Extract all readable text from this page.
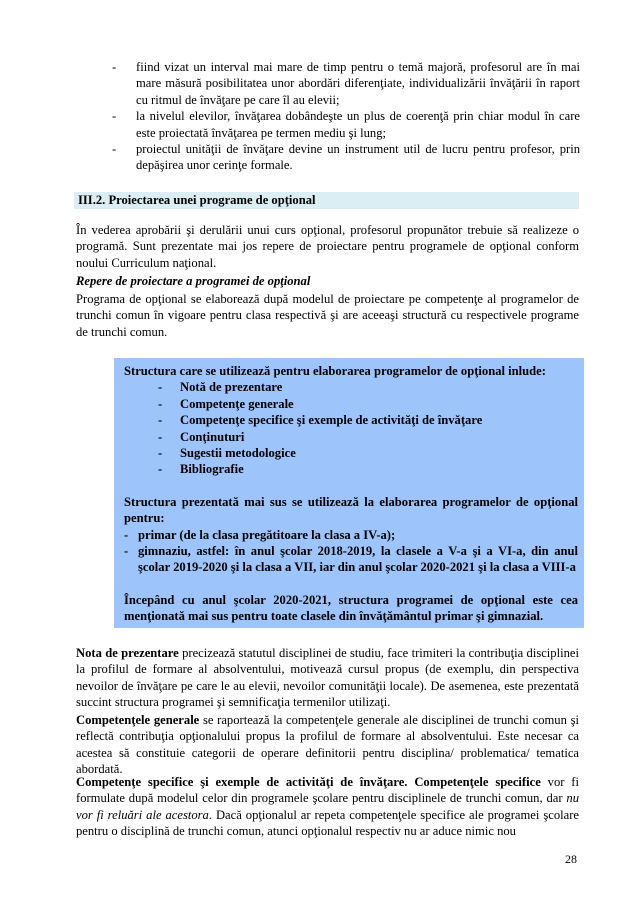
- fiind vizat un interval mai mare de timp pentru o temă majoră, profesorul are în mai mare măsură posibilitatea unor abordări diferenţiate, individualizării învăţării în raport cu ritmul de învăţare pe care îl au elevii;
- la nivelul elevilor, învăţarea dobândeşte un plus de coerenţă prin chiar modul în care este proiectată învăţarea pe termen mediu şi lung;
- proiectul unităţii de învăţare devine un instrument util de lucru pentru profesor, prin depăşirea unor cerinţe formale.
III.2. Proiectarea unei programe de opţional
În vederea aprobării şi derulării unui curs opţional, profesorul propunător trebuie să realizeze o programă. Sunt prezentate mai jos repere de proiectare pentru programele de opţional conform noului Curriculum naţional.
Repere de proiectare a programei de opţional
Programa de opţional se elaborează după modelul de proiectare pe competenţe al programelor de trunchi comun în vigoare pentru clasa respectivă şi are aceeaşi structură cu respectivele programe de trunchi comun.

Structura care se utilizează pentru elaborarea programelor de opţional inlude:

- Notă de prezentare
- Competenţe generale
- Competenţe specifice şi exemple de activităţi de învăţare
- Conţinuturi
- Sugestii metodologice
- Bibliografie

Structura prezentată mai sus se utilizează la elaborarea programelor de opţional pentru:

- primar (de la clasa pregătitoare la clasa a IV-a);
- gimnaziu, astfel: în anul şcolar 2018-2019, la clasele a V-a şi a VI-a, din anul şcolar 2019-2020 şi la clasa a VII, iar din anul şcolar 2020-2021 şi la clasa a VIII-a

Începând cu anul şcolar 2020-2021, structura programei de opţional este cea menţionată mai sus pentru toate clasele din învăţământul primar şi gimnazial.

Nota de prezentare precizează statutul disciplinei de studiu, face trimiteri la contribuţia disciplinei la profilul de formare al absolventului, motivează cursul propus (de exemplu, din perspectiva nevoilor de învăţare pe care le au elevii, nevoilor comunităţii locale). De asemenea, este prezentată succint structura programei şi semnificaţia termenilor utilizaţi.
Competenţele generale se raportează la competenţele generale ale disciplinei de trunchi comun şi reflectă contribuţia opţionalului propus la profilul de formare al absolventului. Este necesar ca acestea să constituie categorii de operare definitorii pentru disciplina/ problematica/ tematica abordată.
Competenţe specifice şi exemple de activităţi de învăţare. Competenţele specifice vor fi formulate după modelul celor din programele şcolare pentru disciplinele de trunchi comun, dar nu vor fi reluări ale acestora. Dacă opţionalul ar repeta competenţele specifice ale programei şcolare pentru o disciplină de trunchi comun, atunci opţionalul respectiv nu ar aduce nimic nou
28
